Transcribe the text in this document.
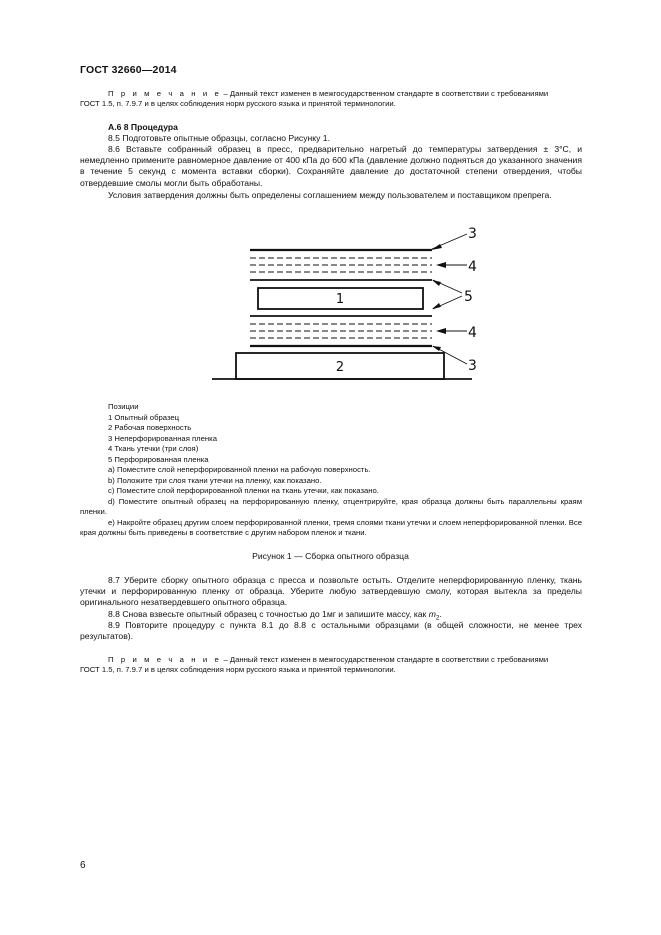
ГОСТ 32660—2014
П р и м е ч а н и е – Данный текст изменен в межгосударственном стандарте в соответствии с требованиями
ГОСТ 1.5, п. 7.9.7 и в целях соблюдения норм русского языка и принятой терминологии.
А.6 8 Процедура
8.5 Подготовьте опытные образцы, согласно Рисунку 1.
8.6 Вставьте собранный образец в пресс, предварительно нагретый до температуры затвердения ± 3°С, и немедленно примените равномерное давление от 400 кПа до 600 кПа (давление должно подняться до указанного значения в течение 5 секунд с момента вставки сборки). Сохраняйте давление до достаточной степени отвердения, чтобы отвердевшие смолы могли быть обработаны.
Условия затвердения должны быть определены соглашением между пользователем и поставщиком препрега.
1
2
3
4
5
4
3
Позиции
1 Опытный образец
2 Рабочая поверхность
3 Неперфорированная пленка
4 Ткань утечки (три слоя)
5 Перфорированная пленка
а) Поместите слой неперфорированной пленки на рабочую поверхность.
b) Положите три слоя ткани утечки на пленку, как показано.
c) Поместите слой перфорированной пленки на ткань утечки, как показано.
d) Поместите опытный образец на перфорированную пленку, отцентрируйте, края образца должны быть параллельны краям пленки.
e) Накройте образец другим слоем перфорированной пленки, тремя слоями ткани утечки и слоем неперфорированной пленки. Все края должны быть приведены в соответствие с другим набором пленок и ткани.
Рисунок 1 — Сборка опытного образца
8.7 Уберите сборку опытного образца с пресса и позвольте остыть. Отделите неперфорированную пленку, ткань утечки и перфорированную пленку от образца. Уберите любую затвердевшую смолу, которая вытекла за пределы оригинального незатвердевшего опытного образца.
8.8 Снова взвесьте опытный образец с точностью до 1мг и запишите массу, как $m_2$.
8.9 Повторите процедуру с пункта 8.1 до 8.8 с остальными образцами (в общей сложности, не менее трех результатов).
П р и м е ч а н и е – Данный текст изменен в межгосударственном стандарте в соответствии с требованиями
ГОСТ 1.5, п. 7.9.7 и в целях соблюдения норм русского языка и принятой терминологии.
6
